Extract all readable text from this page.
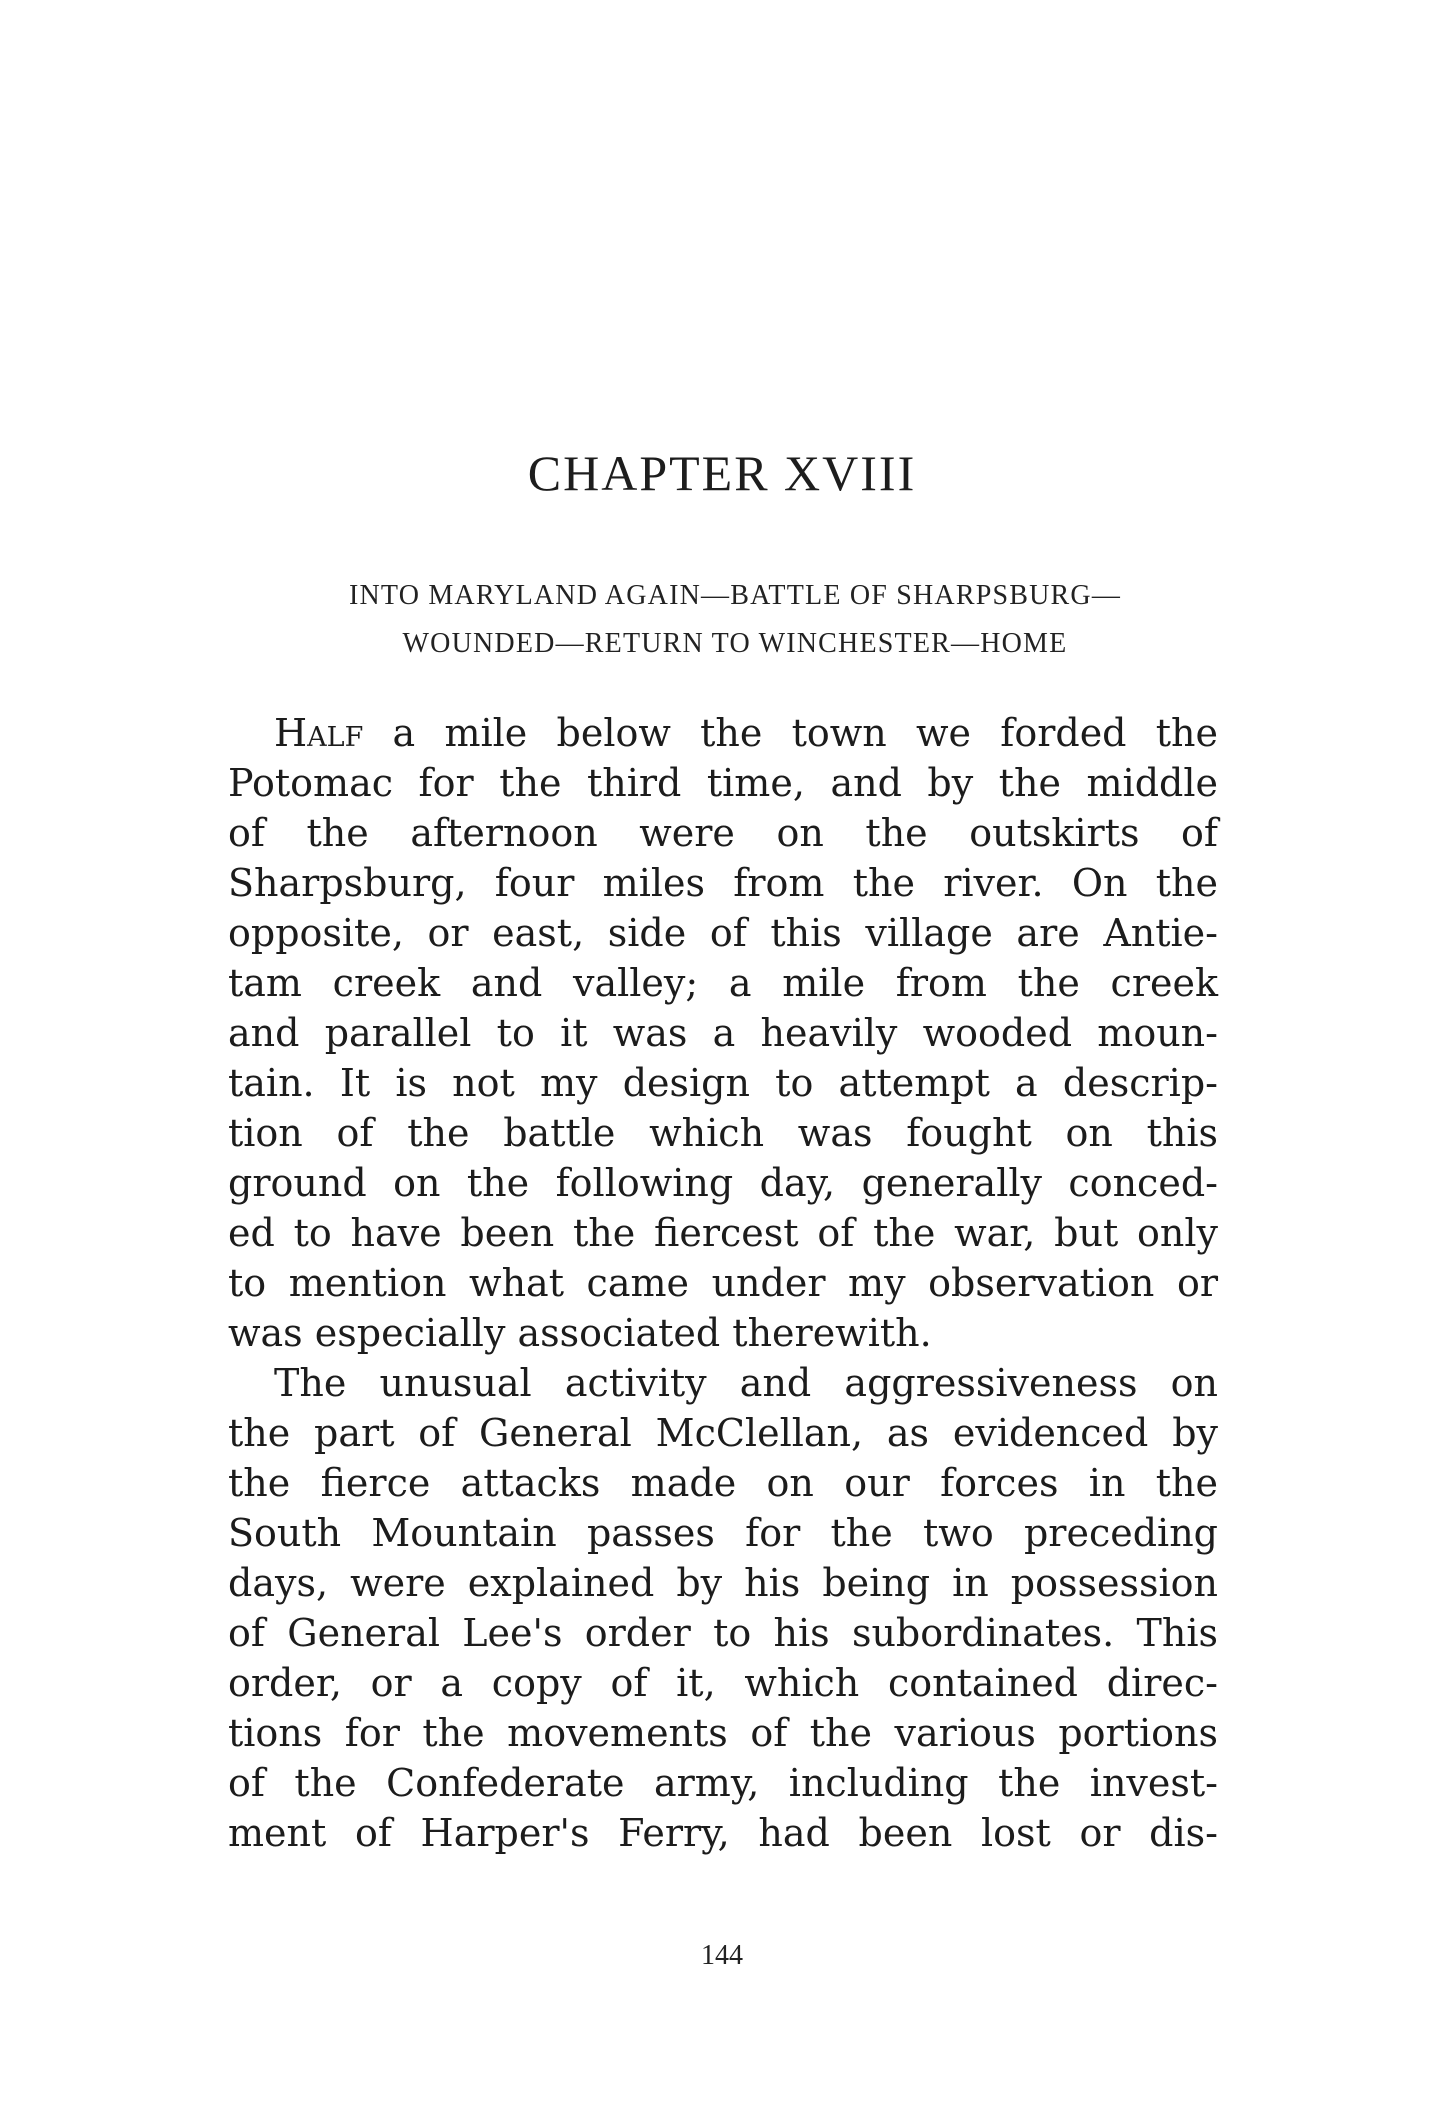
CHAPTER XVIII
INTO MARYLAND AGAIN—BATTLE OF SHARPSBURG—
WOUNDED—RETURN TO WINCHESTER—HOME
Half a mile below the town we forded the
Potomac for the third time, and by the middle
of the afternoon were on the outskirts of
Sharpsburg, four miles from the river. On the
opposite, or east, side of this village are Antie-
tam creek and valley; a mile from the creek
and parallel to it was a heavily wooded moun-
tain. It is not my design to attempt a descrip-
tion of the battle which was fought on this
ground on the following day, generally conced-
ed to have been the fiercest of the war, but only
to mention what came under my observation or
was especially associated therewith.
The unusual activity and aggressiveness on
the part of General McClellan, as evidenced by
the fierce attacks made on our forces in the
South Mountain passes for the two preceding
days, were explained by his being in possession
of General Lee's order to his subordinates. This
order, or a copy of it, which contained direc-
tions for the movements of the various portions
of the Confederate army, including the invest-
ment of Harper's Ferry, had been lost or dis-
144
